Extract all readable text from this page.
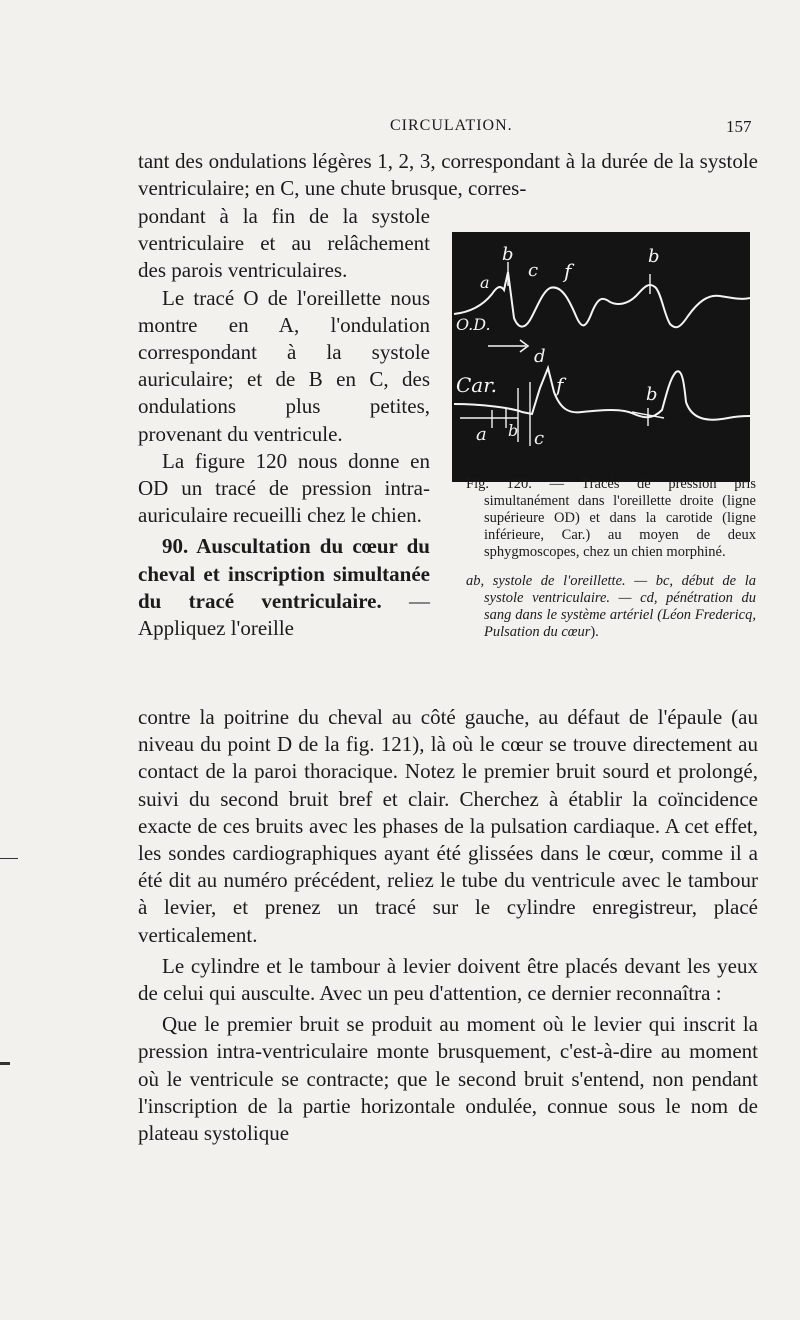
CIRCULATION.	157

tant des ondulations légères 1, 2, 3, correspondant à la durée de la systole ventriculaire; en C, une chute brusque, corres-

pondant à la fin de la systole ventriculaire et au relâchement des parois ventriculaires.

Le tracé O de l'oreillette nous montre en A, l'ondulation correspondant à la systole auriculaire; et de B en C, des ondulations plus petites, provenant du ventricule.

La figure 120 nous donne en OD un tracé de pression intra-auriculaire recueilli chez le chien.

90. Auscultation du cœur du cheval et inscription simultanée du tracé ventriculaire. — Appliquez l'oreille

O.D.
Car.
b
c f
b
a
d
f	b
a b c

Fig. 120. — Tracés de pression pris simultanément dans l'oreillette droite (ligne supérieure OD) et dans la carotide (ligne inférieure, Car.) au moyen de deux sphygmoscopes, chez un chien morphiné.

ab, systole de l'oreillette. — bc, début de la systole ventriculaire. — cd, pénétration du sang dans le système artériel (Léon Fredericq, Pulsation du cœur).

contre la poitrine du cheval au côté gauche, au défaut de l'épaule (au niveau du point D de la fig. 121), là où le cœur se trouve directement au contact de la paroi thoracique. Notez le premier bruit sourd et prolongé, suivi du second bruit bref et clair. Cherchez à établir la coïncidence exacte de ces bruits avec les phases de la pulsation cardiaque. A cet effet, les sondes cardiographiques ayant été glissées dans le cœur, comme il a été dit au numéro précédent, reliez le tube du ventricule avec le tambour à levier, et prenez un tracé sur le cylindre enregistreur, placé verticalement.

Le cylindre et le tambour à levier doivent être placés devant les yeux de celui qui ausculte. Avec un peu d'attention, ce dernier reconnaîtra :

Que le premier bruit se produit au moment où le levier qui inscrit la pression intra-ventriculaire monte brusquement, c'est-à-dire au moment où le ventricule se contracte; que le second bruit s'entend, non pendant l'inscription de la partie horizontale ondulée, connue sous le nom de plateau systolique
